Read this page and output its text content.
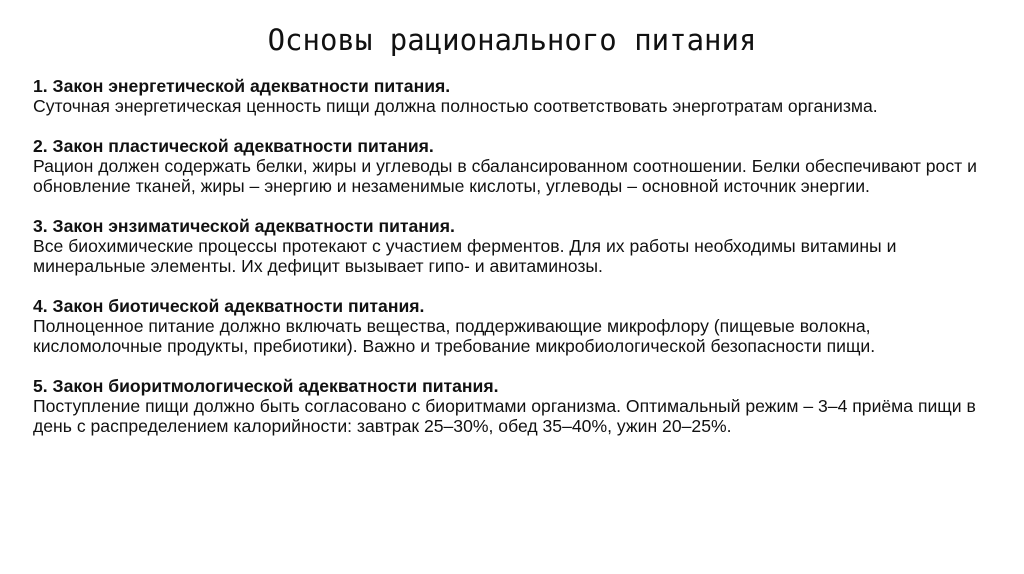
Основы рационального питания
1. Закон энергетической адекватности питания.
Суточная энергетическая ценность пищи должна полностью соответствовать энерготратам организма.
2. Закон пластической адекватности питания.
Рацион должен содержать белки, жиры и углеводы в сбалансированном соотношении. Белки обеспечивают рост и обновление тканей, жиры – энергию и незаменимые кислоты, углеводы – основной источник энергии.
3. Закон энзиматической адекватности питания.
Все биохимические процессы протекают с участием ферментов. Для их работы необходимы витамины и минеральные элементы. Их дефицит вызывает гипо- и авитаминозы.
4. Закон биотической адекватности питания.
Полноценное питание должно включать вещества, поддерживающие микрофлору (пищевые волокна, кисломолочные продукты, пребиотики). Важно и требование микробиологической безопасности пищи.
5. Закон биоритмологической адекватности питания.
Поступление пищи должно быть согласовано с биоритмами организма. Оптимальный режим – 3–4 приёма пищи в день с распределением калорийности: завтрак 25–30%, обед 35–40%, ужин 20–25%.
